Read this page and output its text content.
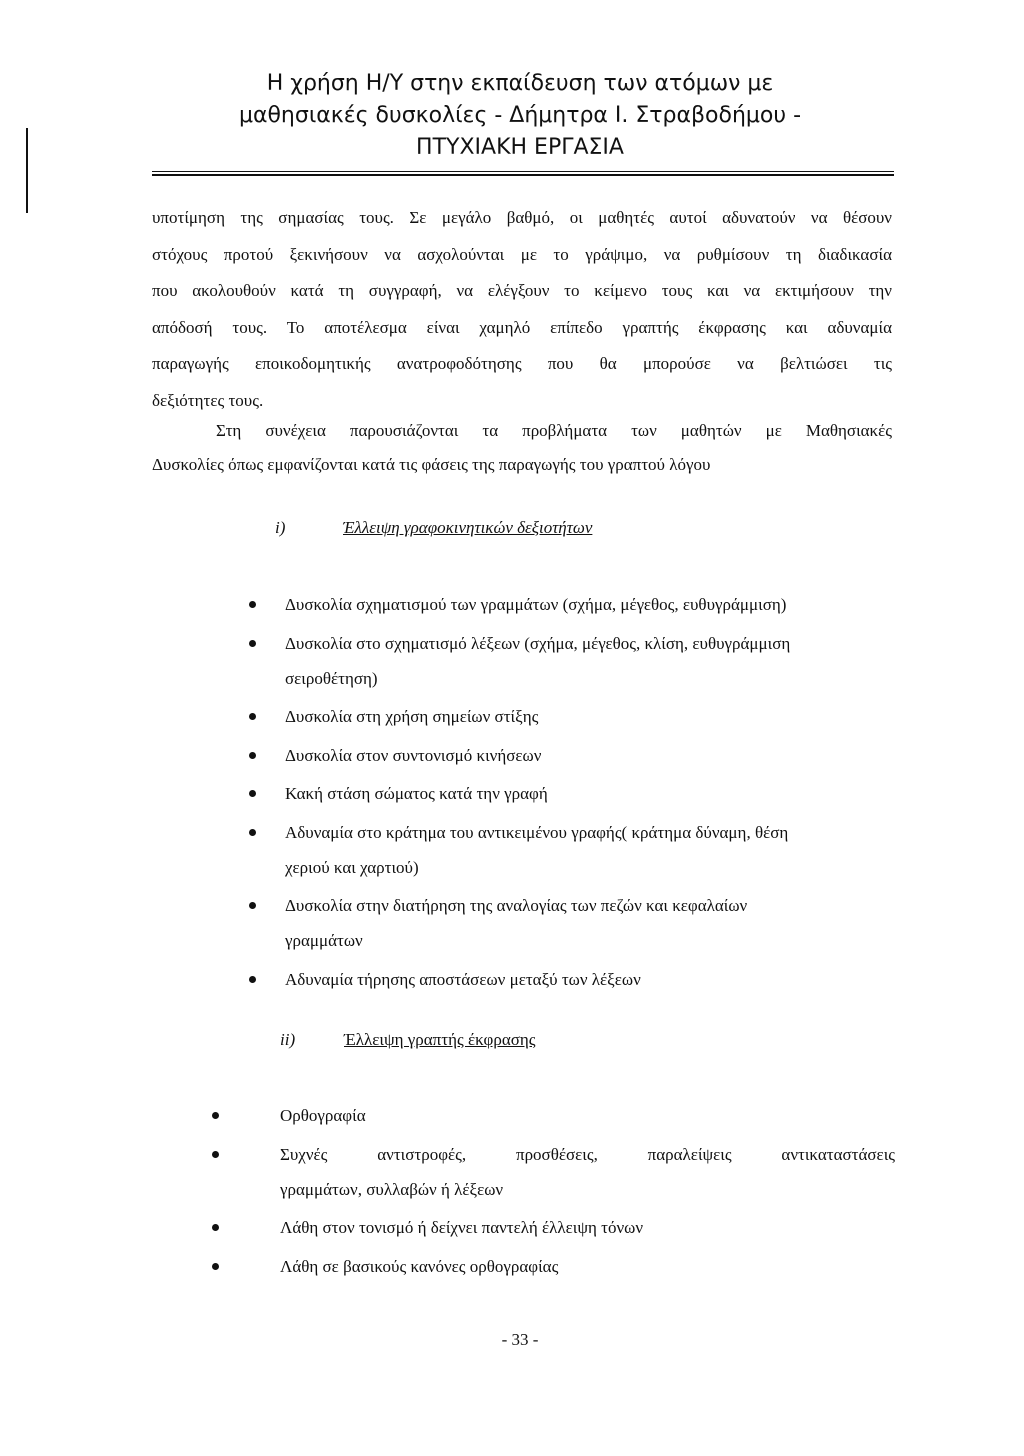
Η χρήση Η/Υ στην εκπαίδευση των ατόμων με
μαθησιακές δυσκολίες - Δήμητρα Ι. Στραβοδήμου -
ΠΤΥΧΙΑΚΗ ΕΡΓΑΣΙΑ
υποτίμηση της σημασίας τους. Σε μεγάλο βαθμό, οι μαθητές αυτοί αδυνατούν να θέσουν
στόχους προτού ξεκινήσουν να ασχολούνται με το γράψιμο, να ρυθμίσουν τη διαδικασία
που ακολουθούν κατά τη συγγραφή, να ελέγξουν το κείμενο τους και να εκτιμήσουν την
απόδοσή τους. Το αποτέλεσμα είναι χαμηλό επίπεδο γραπτής έκφρασης και αδυναμία
παραγωγής εποικοδομητικής ανατροφοδότησης που θα μπορούσε να βελτιώσει τις
δεξιότητες τους.
Στη συνέχεια παρουσιάζονται τα προβλήματα των μαθητών με Μαθησιακές
Δυσκολίες όπως εμφανίζονται κατά τις φάσεις της παραγωγής του γραπτού λόγου
i)	Έλλειψη γραφοκινητικών δεξιοτήτων
Δυσκολία σχηματισμού των γραμμάτων (σχήμα, μέγεθος, ευθυγράμμιση)
Δυσκολία στο σχηματισμό λέξεων (σχήμα, μέγεθος, κλίση, ευθυγράμμιση
σειροθέτηση)
Δυσκολία στη χρήση σημείων στίξης
Δυσκολία στον συντονισμό κινήσεων
Κακή στάση σώματος κατά την γραφή
Αδυναμία στο κράτημα του αντικειμένου γραφής( κράτημα δύναμη, θέση
χεριού και χαρτιού)
Δυσκολία στην διατήρηση της αναλογίας των πεζών και κεφαλαίων
γραμμάτων
Αδυναμία τήρησης αποστάσεων μεταξύ των λέξεων
ii)	Έλλειψη γραπτής έκφρασης
Ορθογραφία
Συχνές αντιστροφές, προσθέσεις, παραλείψεις αντικαταστάσεις
γραμμάτων, συλλαβών ή λέξεων
Λάθη στον τονισμό ή δείχνει παντελή έλλειψη τόνων
Λάθη σε βασικούς κανόνες ορθογραφίας
- 33 -
